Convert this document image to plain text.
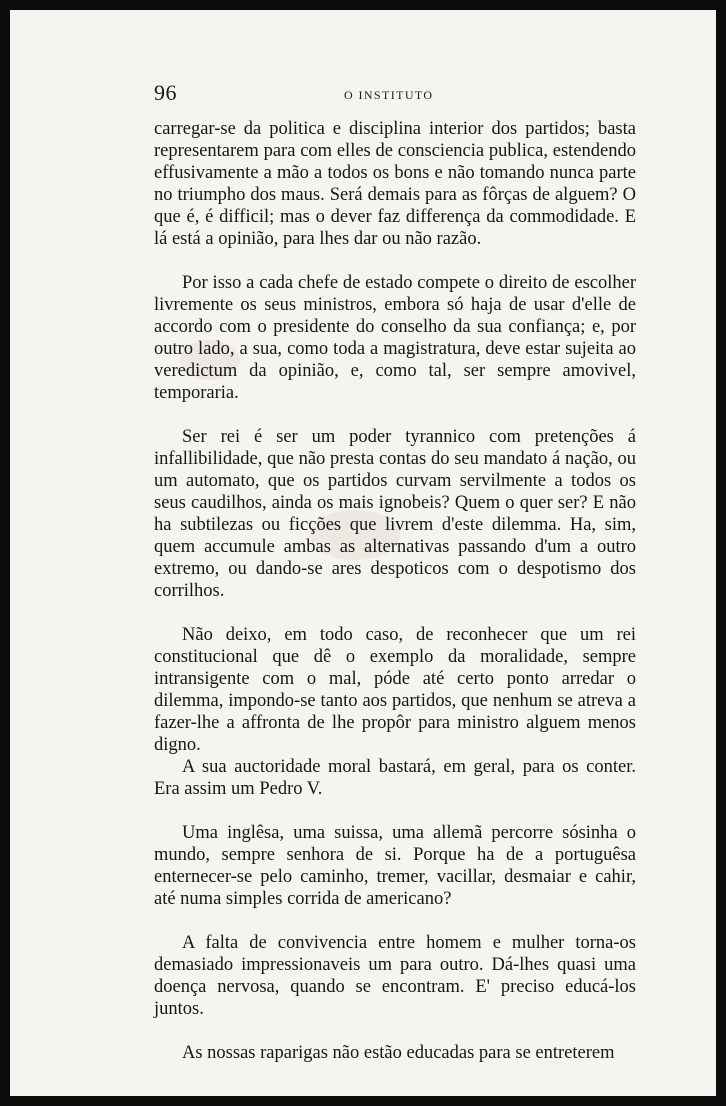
96	O INSTITUTO

carregar-se da politica e disciplina interior dos partidos; basta representarem para com elles de consciencia publica, estendendo effusivamente a mão a todos os bons e não tomando nunca parte no triumpho dos maus. Será demais para as fôrças de alguem? O que é, é difficil; mas o dever faz differença da commodidade. E lá está a opinião, para lhes dar ou não razão.

Por isso a cada chefe de estado compete o direito de escolher livremente os seus ministros, embora só haja de usar d'elle de accordo com o presidente do conselho da sua confiança; e, por outro lado, a sua, como toda a magistratura, deve estar sujeita ao veredictum da opinião, e, como tal, ser sempre amovivel, temporaria.

Ser rei é ser um poder tyrannico com pretenções á infallibilidade, que não presta contas do seu mandato á nação, ou um automato, que os partidos curvam servilmente a todos os seus caudilhos, ainda os mais ignobeis? Quem o quer ser? E não ha subtilezas ou ficções que livrem d'este dilemma. Ha, sim, quem accumule ambas as alternativas passando d'um a outro extremo, ou dando-se ares despoticos com o despotismo dos corrilhos.

Não deixo, em todo caso, de reconhecer que um rei constitucional que dê o exemplo da moralidade, sempre intransigente com o mal, póde até certo ponto arredar o dilemma, impondo-se tanto aos partidos, que nenhum se atreva a fazer-lhe a affronta de lhe propôr para ministro alguem menos digno.

A sua auctoridade moral bastará, em geral, para os conter. Era assim um Pedro V.

Uma inglêsa, uma suissa, uma allemã percorre sósinha o mundo, sempre senhora de si. Porque ha de a portuguêsa enternecer-se pelo caminho, tremer, vacillar, desmaiar e cahir, até numa simples corrida de americano?

A falta de convivencia entre homem e mulher torna-os demasiado impressionaveis um para outro. Dá-lhes quasi uma doença nervosa, quando se encontram. E' preciso educá-los juntos.

As nossas raparigas não estão educadas para se entreterem
